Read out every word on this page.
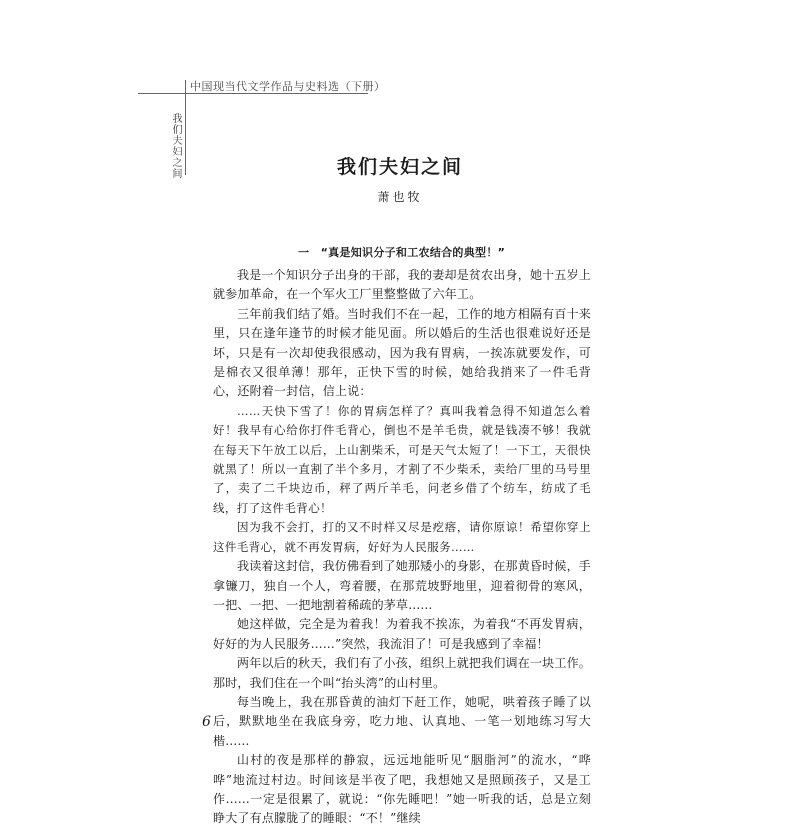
中国现当代文学作品与史料选（下册）
我们夫妇之间	我们夫妇之间
萧也牧
一　“真是知识分子和工农结合的典型！”

我是一个知识分子出身的干部，我的妻却是贫农出身，她十五岁上就参加革命，在一个军火工厂里整整做了六年工。

三年前我们结了婚。当时我们不在一起，工作的地方相隔有百十来里，只在逢年逢节的时候才能见面。所以婚后的生活也很难说好还是坏，只是有一次却使我很感动，因为我有胃病，一挨冻就要发作，可是棉衣又很单薄！那年，正快下雪的时候，她给我捎来了一件毛背心，还附着一封信，信上说：

……天快下雪了！你的胃病怎样了？真叫我着急得不知道怎么着好！我早有心给你打件毛背心，倒也不是羊毛贵，就是钱凑不够！我就在每天下午放工以后，上山割柴禾，可是天气太短了！一下工，天很快就黑了！所以一直割了半个多月，才割了不少柴禾，卖给厂里的马号里了，卖了二千块边币，秤了两斤羊毛，问老乡借了个纺车，纺成了毛线，打了这件毛背心！

因为我不会打，打的又不时样又尽是疙瘩，请你原谅！希望你穿上这件毛背心，就不再发胃病，好好为人民服务……

我读着这封信，我仿佛看到了她那矮小的身影，在那黄昏时候，手拿镰刀，独自一个人，弯着腰，在那荒坡野地里，迎着彻骨的寒风，一把、一把、一把地割着稀疏的茅草……

她这样做，完全是为着我！为着我不挨冻，为着我“不再发胃病，好好的为人民服务……”突然，我流泪了！可是我感到了幸福！

两年以后的秋天，我们有了小孩，组织上就把我们调在一块工作。那时，我们住在一个叫“抬头湾”的山村里。

每当晚上，我在那昏黄的油灯下赶工作，她呢，哄着孩子睡了以后，默默地坐在我底身旁，吃力地、认真地、一笔一划地练习写大楷……

山村的夜是那样的静寂，远远地能听见“胭脂河”的流水，“哗哗”地流过村边。时间该是半夜了吧，我想她又是照顾孩子，又是工作……一定是很累了，就说：“你先睡吧！”她一听我的话，总是立刻睁大了有点朦胧了的睡眼：“不！”继续

6
